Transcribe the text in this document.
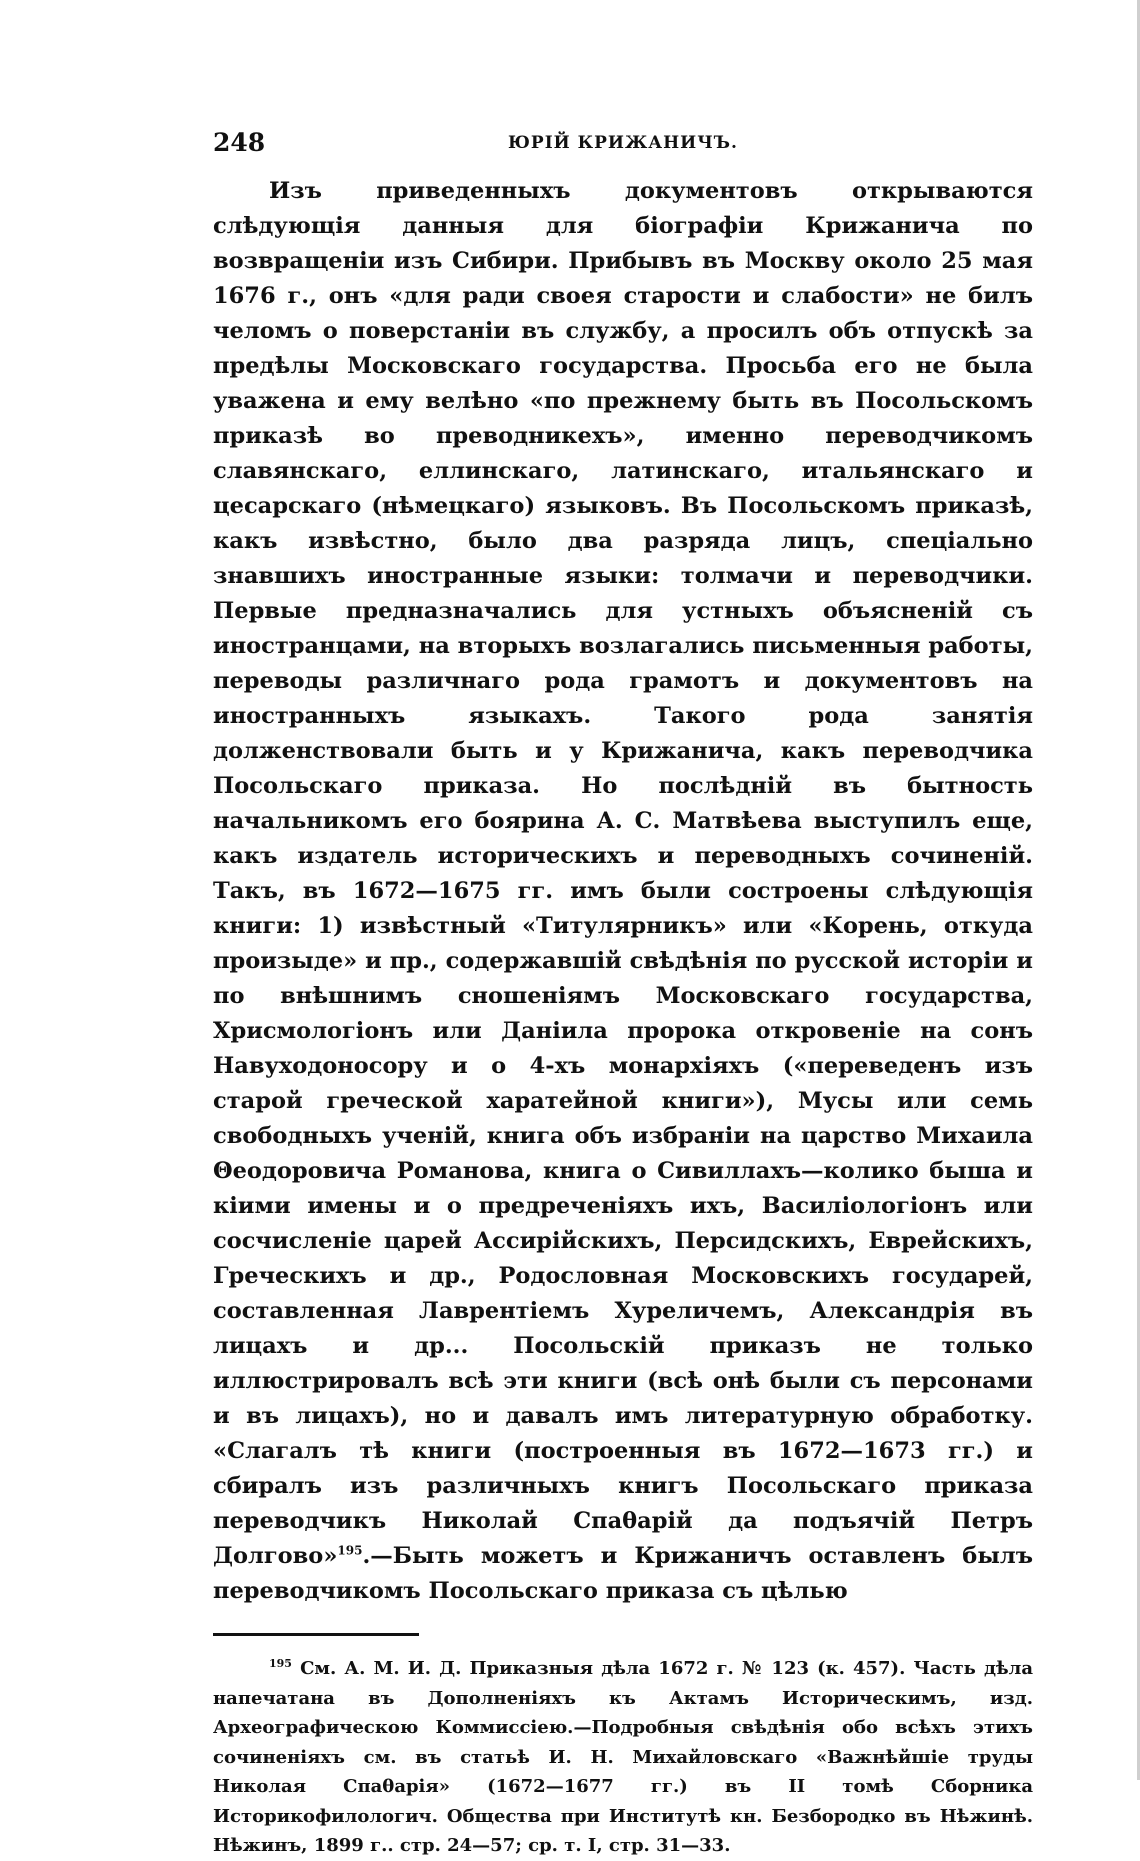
248	ЮРІЙ КРИЖАНИЧЪ.

Изъ приведенныхъ документовъ открываются слѣдующія данныя для біографіи Крижанича по возвращеніи изъ Сибири. Прибывъ въ Москву около 25 мая 1676 г., онъ «для ради своея старости и слабости» не билъ челомъ о поверстаніи въ службу, а просилъ объ отпускѣ за предѣлы Московскаго государства. Просьба его не была уважена и ему велѣно «по прежнему быть въ Посольскомъ приказѣ во преводникехъ», именно переводчикомъ славянскаго, еллинскаго, латинскаго, итальянскаго и цесарскаго (нѣмецкаго) языковъ. Въ Посольскомъ приказѣ, какъ извѣстно, было два разряда лицъ, спеціально знавшихъ иностранные языки: толмачи и переводчики. Первые предназначались для устныхъ объясненій съ иностранцами, на вторыхъ возлагались письменныя работы, переводы различнаго рода грамотъ и документовъ на иностранныхъ языкахъ. Такого рода занятія долженствовали быть и у Крижанича, какъ переводчика Посольскаго приказа. Но послѣдній въ бытность начальникомъ его боярина А. С. Матвѣева выступилъ еще, какъ издатель историческихъ и переводныхъ сочиненій. Такъ, въ 1672—1675 гг. имъ были состроены слѣдующія книги: 1) извѣстный «Титулярникъ» или «Корень, откуда произыде» и пр., содержавшій свѣдѣнія по русской исторіи и по внѣшнимъ сношеніямъ Московскаго государства, Хрисмологіонъ или Даніила пророка откровеніе на сонъ Навуходоносору и о 4-хъ монархіяхъ («переведенъ изъ старой греческой харатейной книги»), Мусы или семь свободныхъ ученій, книга объ избраніи на царство Михаила Θеодоровича Романова, книга о Сивиллахъ—колико быша и кіими имены и о предреченіяхъ ихъ, Василіологіонъ или сосчисленіе царей Ассирійскихъ, Персидскихъ, Еврейскихъ, Греческихъ и др., Родословная Московскихъ государей, составленная Лаврентіемъ Хуреличемъ, Александрія въ лицахъ и др... Посольскій приказъ не только иллюстрировалъ всѣ эти книги (всѣ онѣ были съ персонами и въ лицахъ), но и давалъ имъ литературную обработку. «Слагалъ тѣ книги (построенныя въ 1672—1673 гг.) и сбиралъ изъ различныхъ книгъ Посольскаго приказа переводчикъ Николай Спаθарій да подъячій Петръ Долгово»$^{195}$.—Быть можетъ и Крижаничъ оставленъ былъ переводчикомъ Посольскаго приказа съ цѣлью

$^{195}$ См. А. М. И. Д. Приказныя дѣла 1672 г. № 123 (к. 457). Часть дѣла напечатана въ Дополненіяхъ къ Актамъ Историческимъ, изд. Археографическою Коммиссіею.—Подробныя свѣдѣнія обо всѣхъ этихъ сочиненіяхъ см. въ статьѣ И. Н. Михайловскаго «Важнѣйшіе труды Николая Спаθарія» (1672—1677 гг.) въ II томѣ Сборника Историкофилологич. Общества при Институтѣ кн. Безбородко въ Нѣжинѣ. Нѣжинъ, 1899 г.. стр. 24—57; ср. т. I, стр. 31—33.
